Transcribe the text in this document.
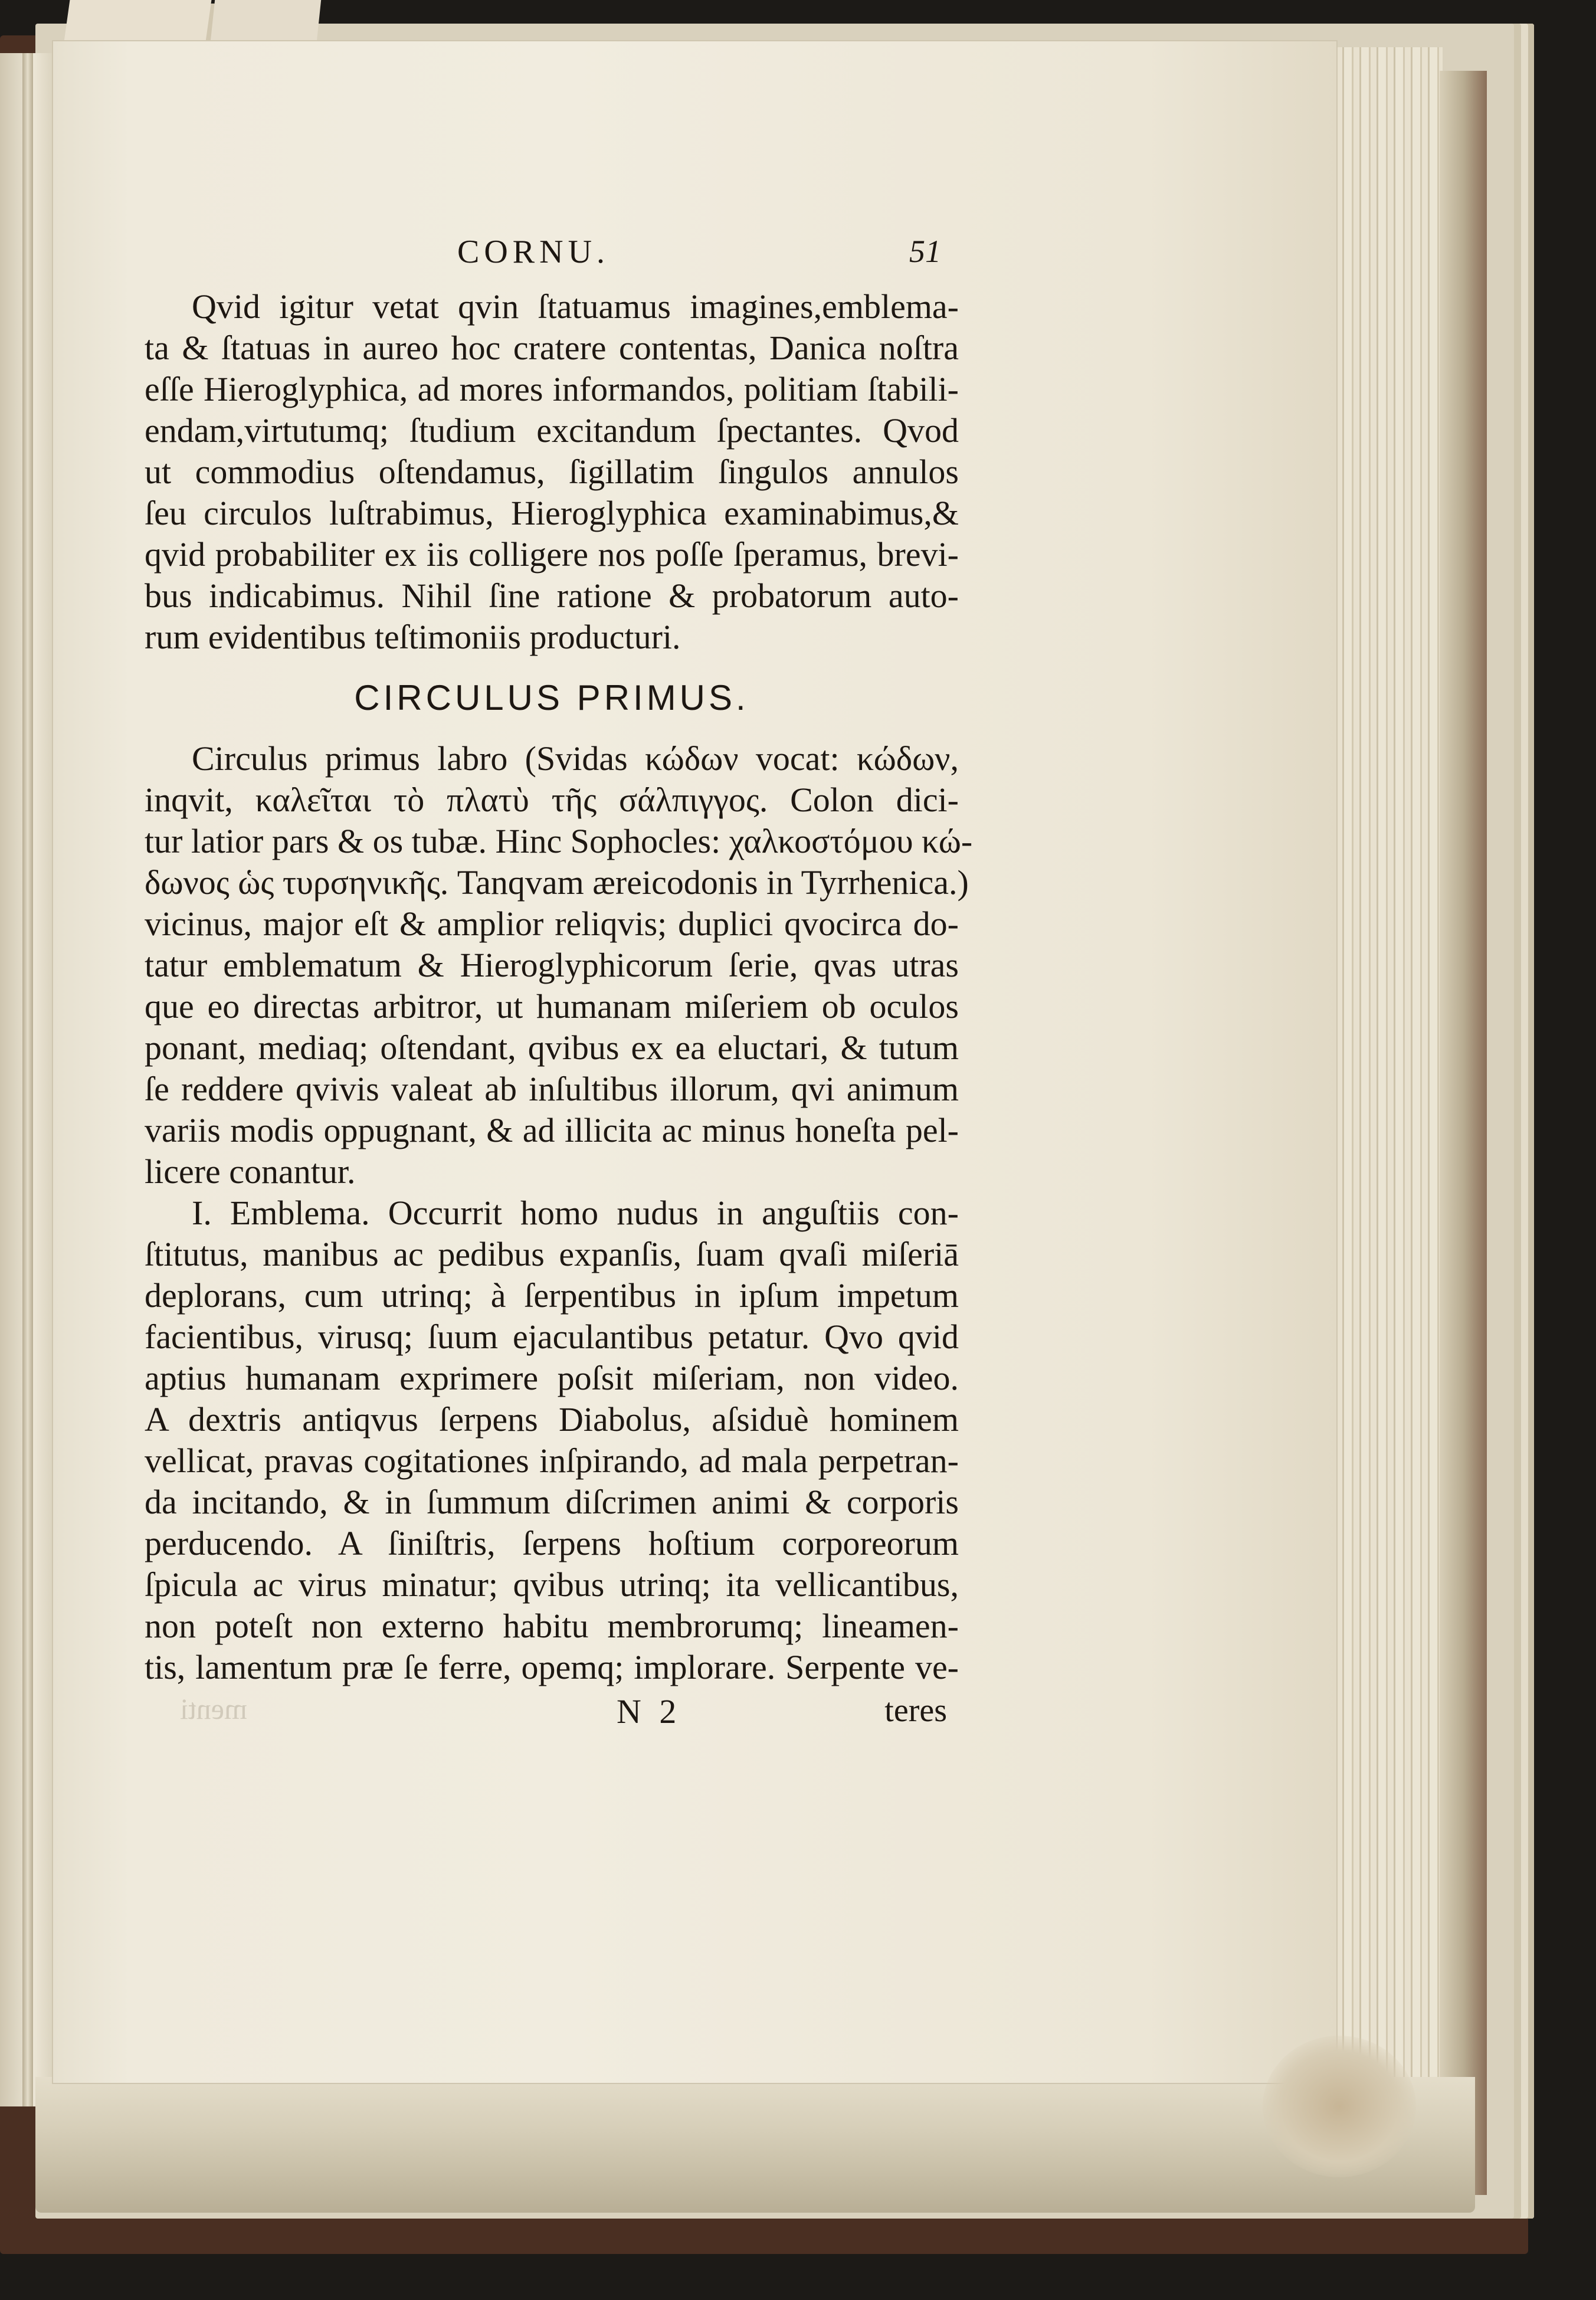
CORNU.	51
Qvid igitur vetat qvin ſtatuamus imagines,emblema-
ta & ſtatuas in aureo hoc cratere contentas, Danica noſtra
eſſe Hieroglyphica, ad mores informandos, politiam ſtabili-
endam,virtutumq; ſtudium excitandum ſpectantes. Qvod
ut commodius oſtendamus, ſigillatim ſingulos annulos
ſeu circulos luſtrabimus, Hieroglyphica examinabimus,&
qvid probabiliter ex iis colligere nos poſſe ſperamus, brevi-
bus indicabimus. Nihil ſine ratione & probatorum auto-
rum evidentibus teſtimoniis producturi.
CIRCULUS PRIMUS.
Circulus primus labro (Svidas κώδων vocat: κώδων,
inqvit, καλεῖται τὸ πλατὺ τῆς σάλπιγγος. Colon dici-
tur latior pars & os tubæ. Hinc Sophocles: χαλκοστόμου κώ-
δωνος ὡς τυρσηνικῆς. Tanqvam æreicodonis in Tyrrhenica.)
vicinus, major eſt & amplior reliqvis; duplici qvocirca do-
tatur emblematum & Hieroglyphicorum ſerie, qvas utras
que eo directas arbitror, ut humanam miſeriem ob oculos
ponant, mediaq; oſtendant, qvibus ex ea eluctari, & tutum
ſe reddere qvivis valeat ab inſultibus illorum, qvi animum
variis modis oppugnant, & ad illicita ac minus honeſta pel-
licere conantur.
I. Emblema. Occurrit homo nudus in anguſtiis con-
ſtitutus, manibus ac pedibus expanſis, ſuam qvaſi miſeriā
deplorans, cum utrinq; à ſerpentibus in ipſum impetum
facientibus, virusq; ſuum ejaculantibus petatur. Qvo qvid
aptius humanam exprimere poſsit miſeriam, non video.
A dextris antiqvus ſerpens Diabolus, aſsiduè hominem
vellicat, pravas cogitationes inſpirando, ad mala perpetran-
da incitando, & in ſummum diſcrimen animi & corporis
perducendo. A ſiniſtris, ſerpens hoſtium corporeorum
ſpicula ac virus minatur; qvibus utrinq; ita vellicantibus,
non poteſt non externo habitu membrorumq; lineamen-
tis, lamentum præ ſe ferre, opemq; implorare. Serpente ve-
menti	N 2	teres
